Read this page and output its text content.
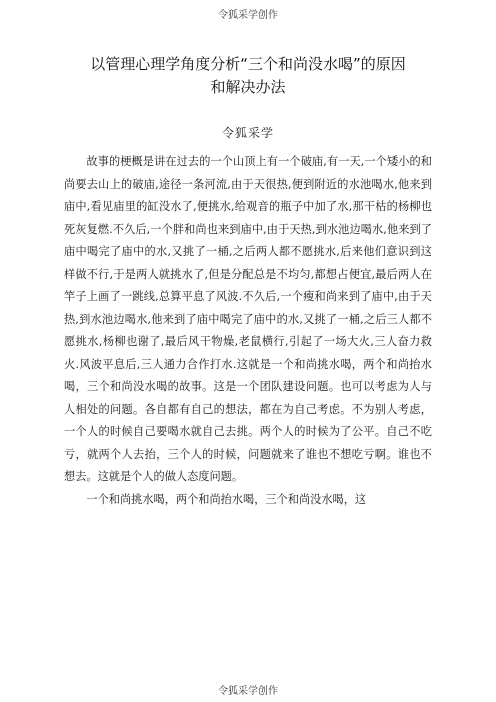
令狐采学创作
以管理心理学角度分析“三个和尚没水喝”的原因
和解决办法
令狐采学

故事的梗概是讲在过去的一个山顶上有一个破庙,有一天,一个矮小的和尚要去山上的破庙,途径一条河流,由于天很热,便到附近的水池喝水,他来到庙中,看见庙里的缸没水了,便挑水,给观音的瓶子中加了水,那干枯的杨柳也死灰复燃.不久后,一个胖和尚也来到庙中,由于天热,到水池边喝水,他来到了庙中喝完了庙中的水,又挑了一桶,之后两人都不愿挑水,后来他们意识到这样做不行,于是两人就挑水了,但是分配总是不均匀,都想占便宜,最后两人在竿子上画了一跳线,总算平息了风波.不久后,一个瘦和尚来到了庙中,由于天热,到水池边喝水,他来到了庙中喝完了庙中的水,又挑了一桶,之后三人都不愿挑水,杨柳也谢了,最后风干物燥,老鼠横行,引起了一场大火,三人奋力救火.风波平息后,三人通力合作打水.这就是一个和尚挑水喝，两个和尚抬水喝，三个和尚没水喝的故事。这是一个团队建设问题。也可以考虑为人与人相处的问题。各自都有自己的想法，都在为自己考虑。不为别人考虑，一个人的时候自己要喝水就自己去挑。两个人的时候为了公平。自己不吃亏，就两个人去抬，三个人的时候，问题就来了谁也不想吃亏啊。谁也不想去。这就是个人的做人态度问题。

一个和尚挑水喝，两个和尚抬水喝，三个和尚没水喝，这

令狐采学创作
